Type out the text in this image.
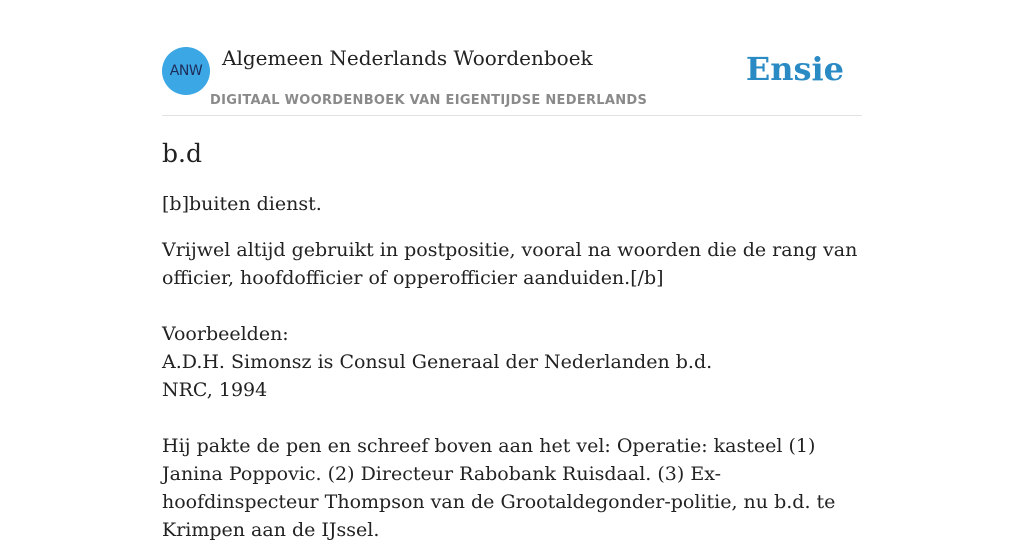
ANW
Algemeen Nederlands Woordenboek
DIGITAAL WOORDENBOEK VAN EIGENTIJDSE NEDERLANDS
Ensie
b.d

[b]buiten dienst.

Vrijwel altijd gebruikt in postpositie, vooral na woorden die de rang van officier, hoofdofficier of opperofficier aanduiden.[/b]

Voorbeelden:

A.D.H. Simonsz is Consul Generaal der Nederlanden b.d.

NRC, 1994

Hij pakte de pen en schreef boven aan het vel: Operatie: kasteel (1) Janina Poppovic. (2) Directeur Rabobank Ruisdaal. (3) Ex-hoofdinspecteur Thompson van de Grootaldegonder-politie, nu b.d. te Krimpen aan de IJssel.
